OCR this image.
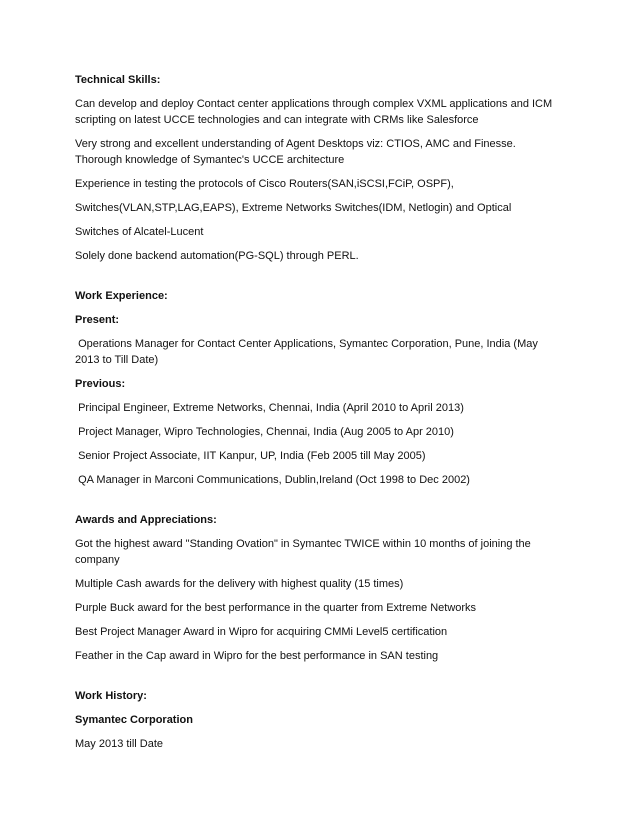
Technical Skills:

Can develop and deploy Contact center applications through complex VXML applications and ICM scripting on latest UCCE technologies and can integrate with CRMs like Salesforce

Very strong and excellent understanding of Agent Desktops viz: CTIOS, AMC and Finesse. Thorough knowledge of Symantec's UCCE architecture

Experience in testing the protocols of Cisco Routers(SAN,iSCSI,FCiP, OSPF),

Switches(VLAN,STP,LAG,EAPS), Extreme Networks Switches(IDM, Netlogin) and Optical

Switches of Alcatel-Lucent

Solely done backend automation(PG-SQL) through PERL.

Work Experience:

Present:

Operations Manager for Contact Center Applications, Symantec Corporation, Pune, India (May 2013 to Till Date)

Previous:

Principal Engineer, Extreme Networks, Chennai, India (April 2010 to April 2013)

Project Manager, Wipro Technologies, Chennai, India (Aug 2005 to Apr 2010)

Senior Project Associate, IIT Kanpur, UP, India (Feb 2005 till May 2005)

QA Manager in Marconi Communications, Dublin,Ireland (Oct 1998 to Dec 2002)

Awards and Appreciations:

Got the highest award "Standing Ovation" in Symantec TWICE within 10 months of joining the company

Multiple Cash awards for the delivery with highest quality (15 times)

Purple Buck award for the best performance in the quarter from Extreme Networks

Best Project Manager Award in Wipro for acquiring CMMi Level5 certification

Feather in the Cap award in Wipro for the best performance in SAN testing

Work History:

Symantec Corporation

May 2013 till Date
